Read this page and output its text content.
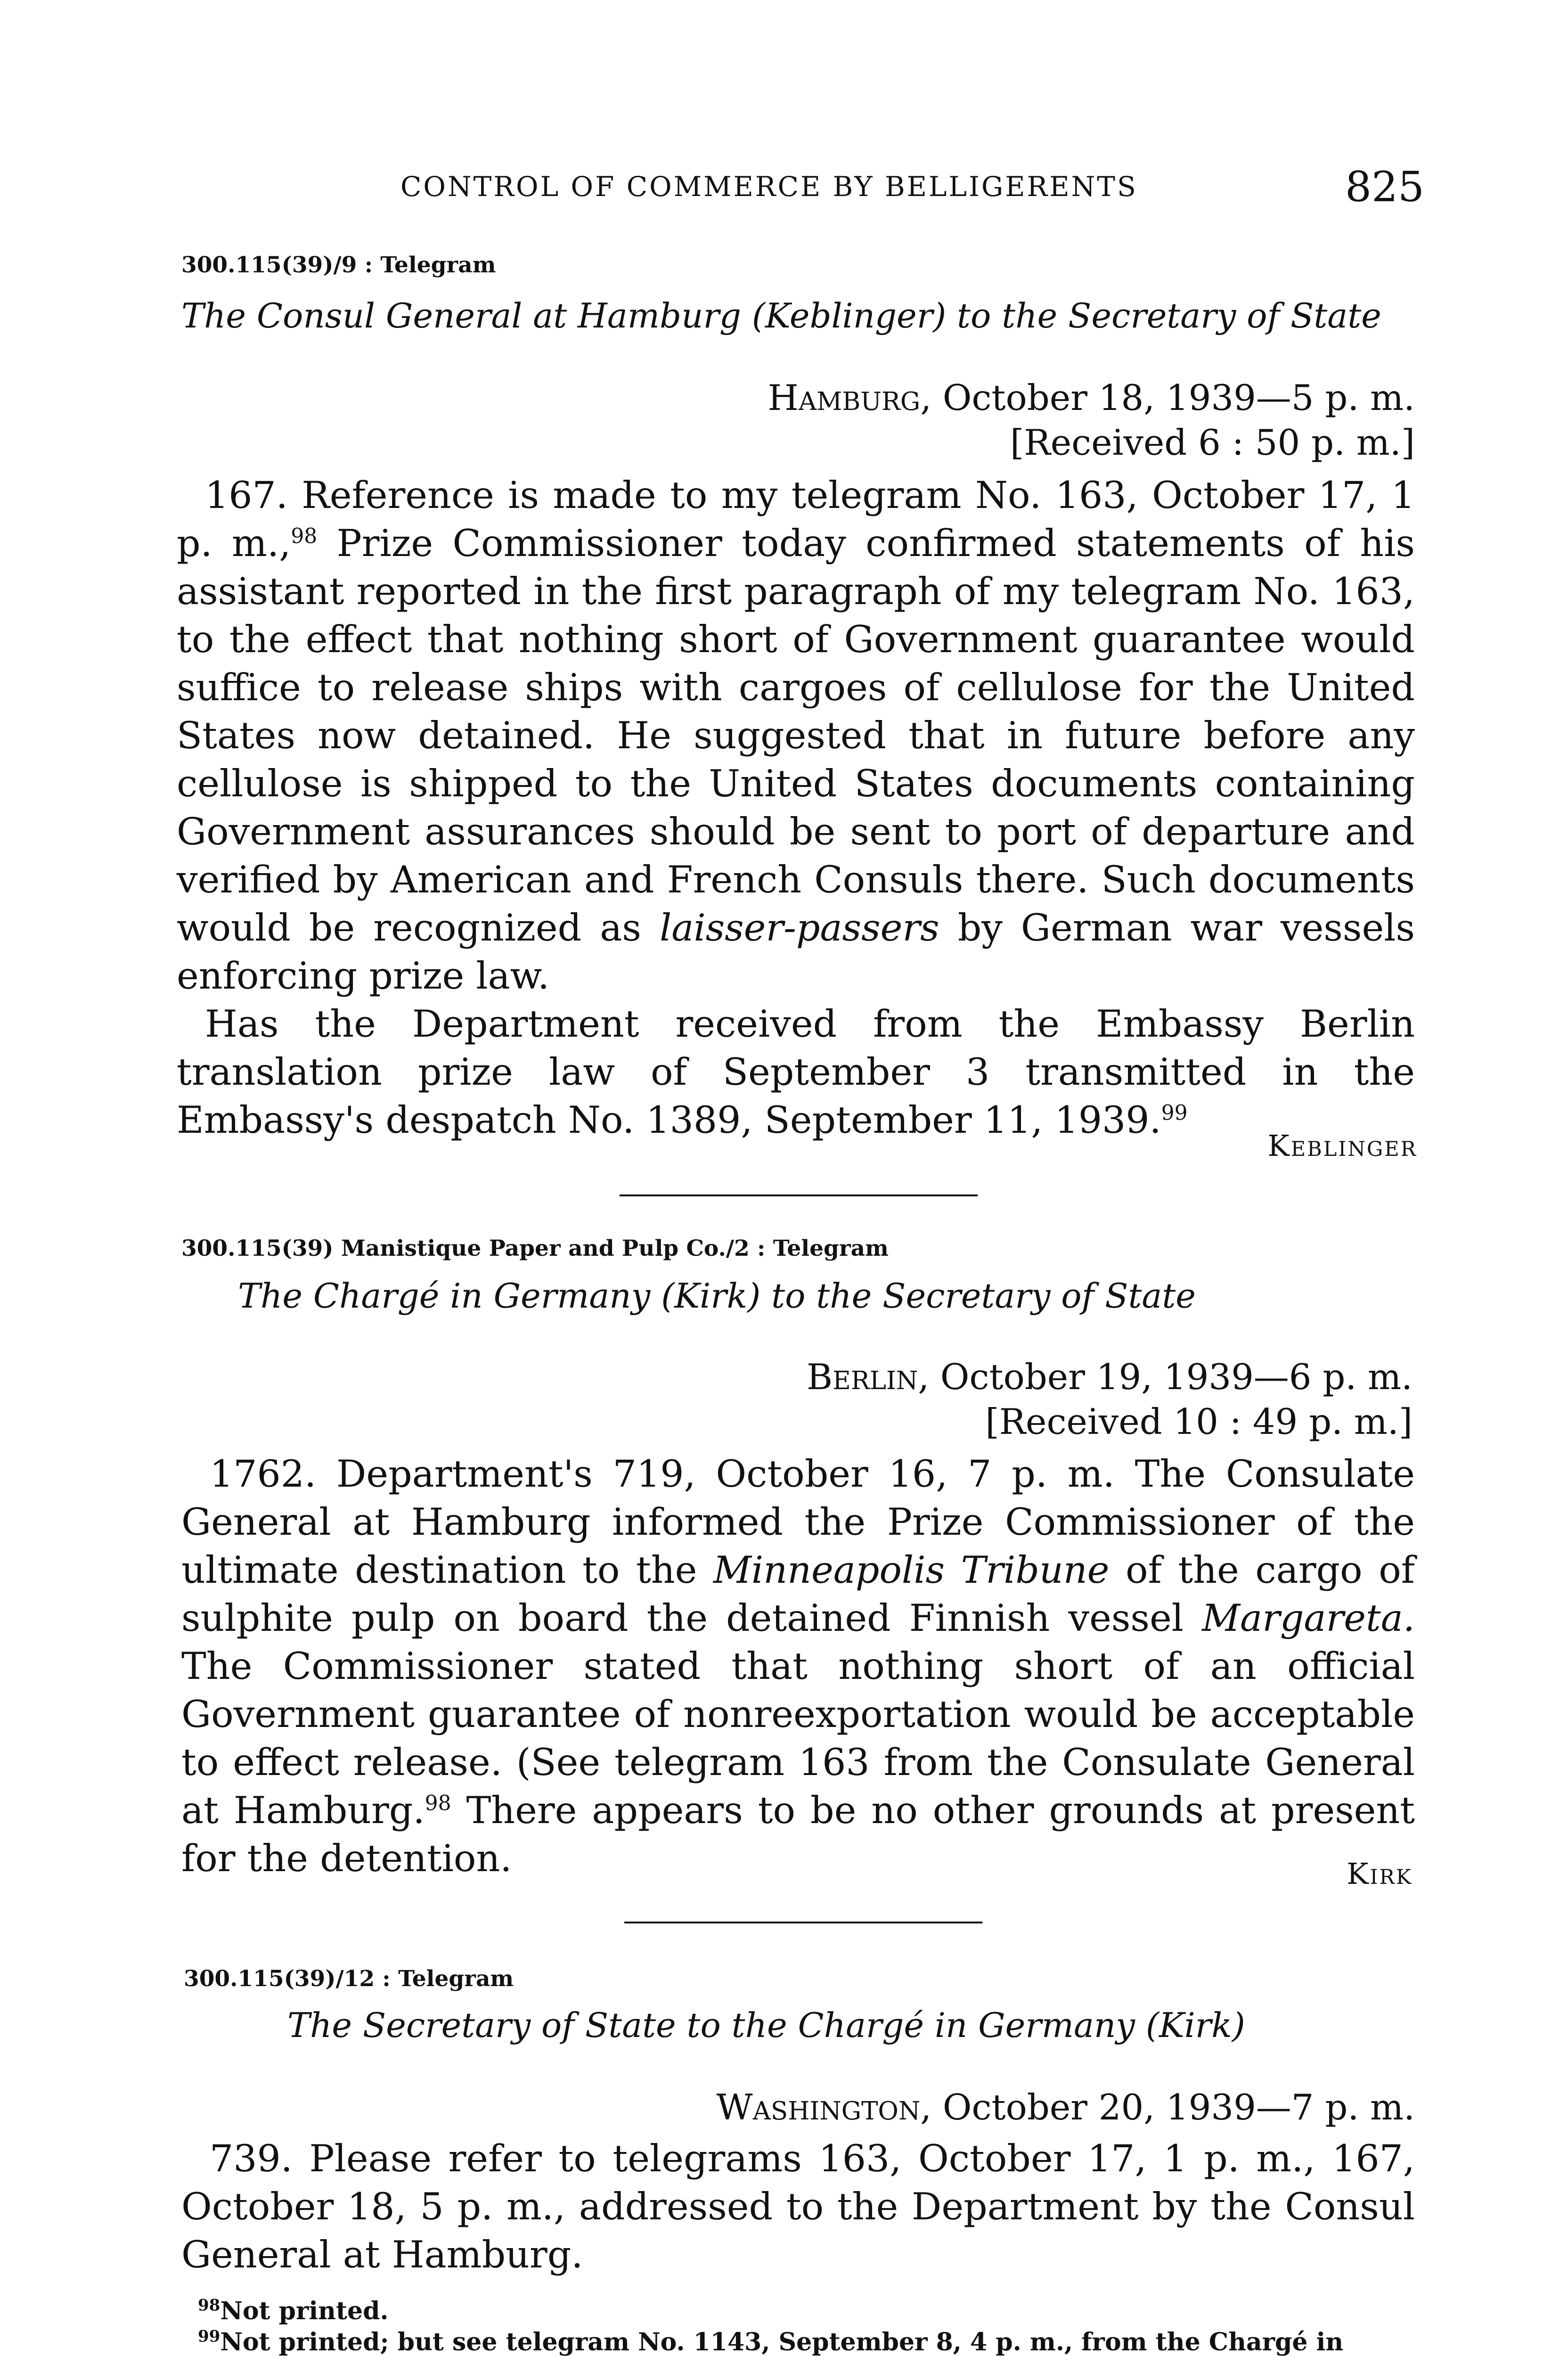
CONTROL OF COMMERCE BY BELLIGERENTS	825
300.115(39)/9 : Telegram
The Consul General at Hamburg (Keblinger) to the Secretary of State
Hamburg, October 18, 1939—5 p. m.
[Received 6 : 50 p. m.]

167. Reference is made to my telegram No. 163, October 17, 1 p. m.,$^{98}$ Prize Commissioner today confirmed statements of his assistant reported in the first paragraph of my telegram No. 163, to the effect that nothing short of Government guarantee would suffice to release ships with cargoes of cellulose for the United States now detained. He suggested that in future before any cellulose is shipped to the United States documents containing Government assurances should be sent to port of departure and verified by American and French Consuls there. Such documents would be recognized as laisser-passers by German war vessels enforcing prize law.

Has the Department received from the Embassy Berlin translation prize law of September 3 transmitted in the Embassy's despatch No. 1389, September 11, 1939.99

Keblinger
300.115(39) Manistique Paper and Pulp Co./2 : Telegram
The Chargé in Germany (Kirk) to the Secretary of State
Berlin, October 19, 1939—6 p. m.
[Received 10 : 49 p. m.]

1762. Department's 719, October 16, 7 p. m. The Consulate General at Hamburg informed the Prize Commissioner of the ultimate destination to the Minneapolis Tribune of the cargo of sulphite pulp on board the detained Finnish vessel Margareta. The Commissioner stated that nothing short of an official Government guarantee of nonreexportation would be acceptable to effect release. (See telegram 163 from the Consulate General at Hamburg.$^{98}$ There appears to be no other grounds at present for the detention.	Kirk
300.115(39)/12 : Telegram
The Secretary of State to the Chargé in Germany (Kirk)
Washington, October 20, 1939—7 p. m.

739. Please refer to telegrams 163, October 17, 1 p. m., 167, October 18, 5 p. m., addressed to the Department by the Consul General at Hamburg.

$^{98}$Not printed.
$^{99}$Not printed; but see telegram No. 1143, September 8, 4 p. m., from the Chargé in
